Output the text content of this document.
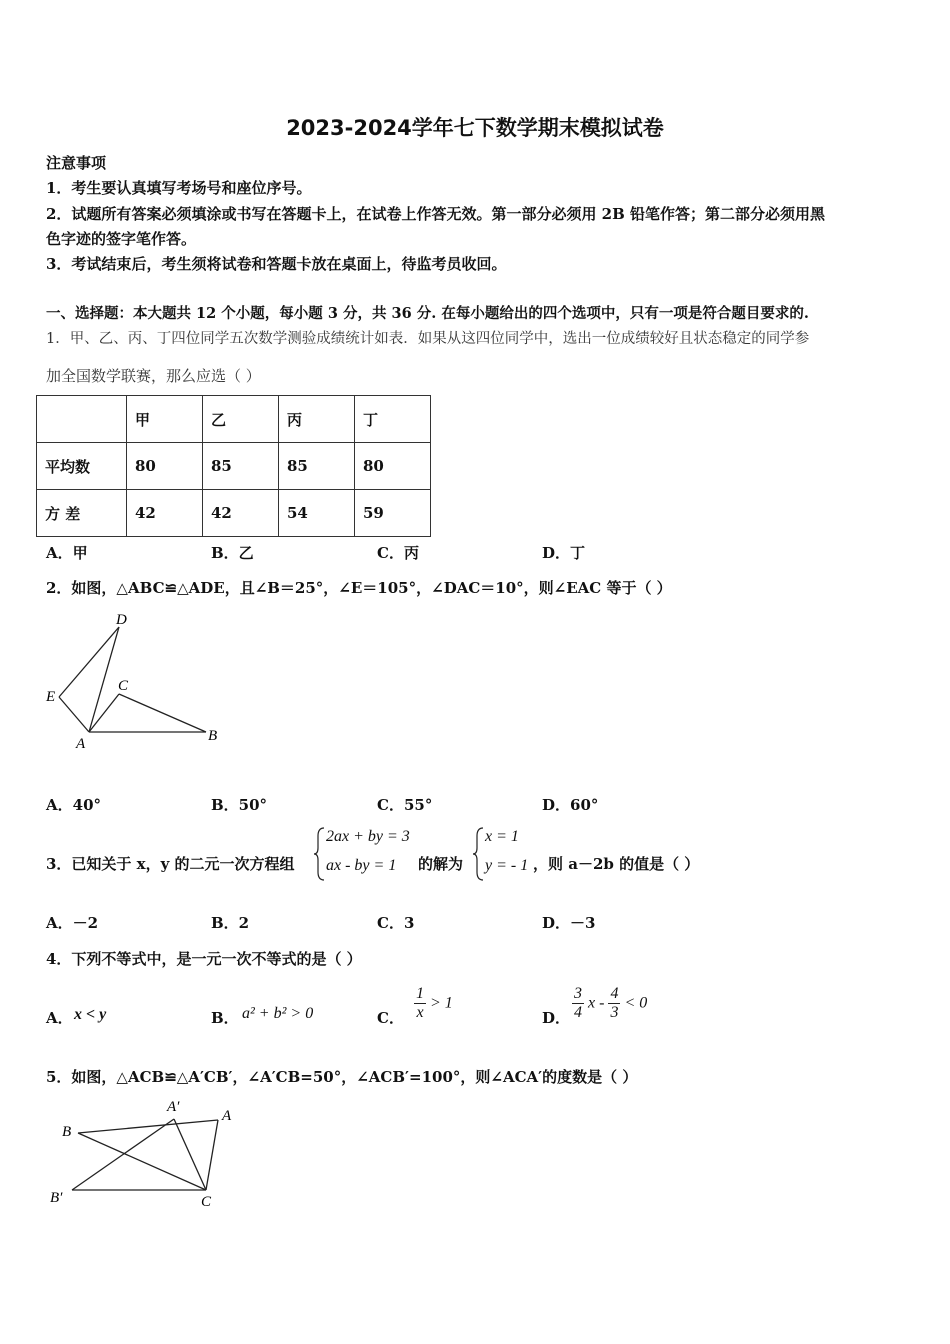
2023-2024学年七下数学期末模拟试卷
注意事项
1．考生要认真填写考场号和座位序号。
2．试题所有答案必须填涂或书写在答题卡上，在试卷上作答无效。第一部分必须用 2B 铅笔作答；第二部分必须用黑
色字迹的签字笔作答。
3．考试结束后，考生须将试卷和答题卡放在桌面上，待监考员收回。
一、选择题：本大题共 12 个小题，每小题 3 分，共 36 分. 在每小题给出的四个选项中，只有一项是符合题目要求的.
1．甲、乙、丙、丁四位同学五次数学测验成绩统计如表．如果从这四位同学中，选出一位成绩较好且状态稳定的同学参
加全国数学联赛，那么应选（ ）
	甲	乙	丙	丁
平均数	80	85	85	80
方 差	42	42	54	59
A．甲	B．乙	C．丙	D．丁
2．如图，△ABC≌△ADE，且∠B＝25°，∠E＝105°，∠DAC＝10°，则∠EAC 等于（ ）
D
E
C
A	B
A．40°	B．50°	C．55°	D．60°
3．已知关于 x，y 的二元一次方程组
2ax + by = 3
ax - by = 1 的解为
x = 1
y = - 1 ，则 a－2b 的值是（ ）
A．－2	B．2	C．3	D．－3
4．下列不等式中，是一元一次不等式的是（ ）
A． x < y	B． a² + b² > 0	C． $\frac{1}{x} > 1$
D． $\frac{3}{4}$ $x - \frac{4}{3} < 0$
5．如图，△ACB≌△A′CB′，∠A′CB=50°，∠ACB′=100°，则∠ACA′的度数是（ ）
A′
A
B
B′	C
